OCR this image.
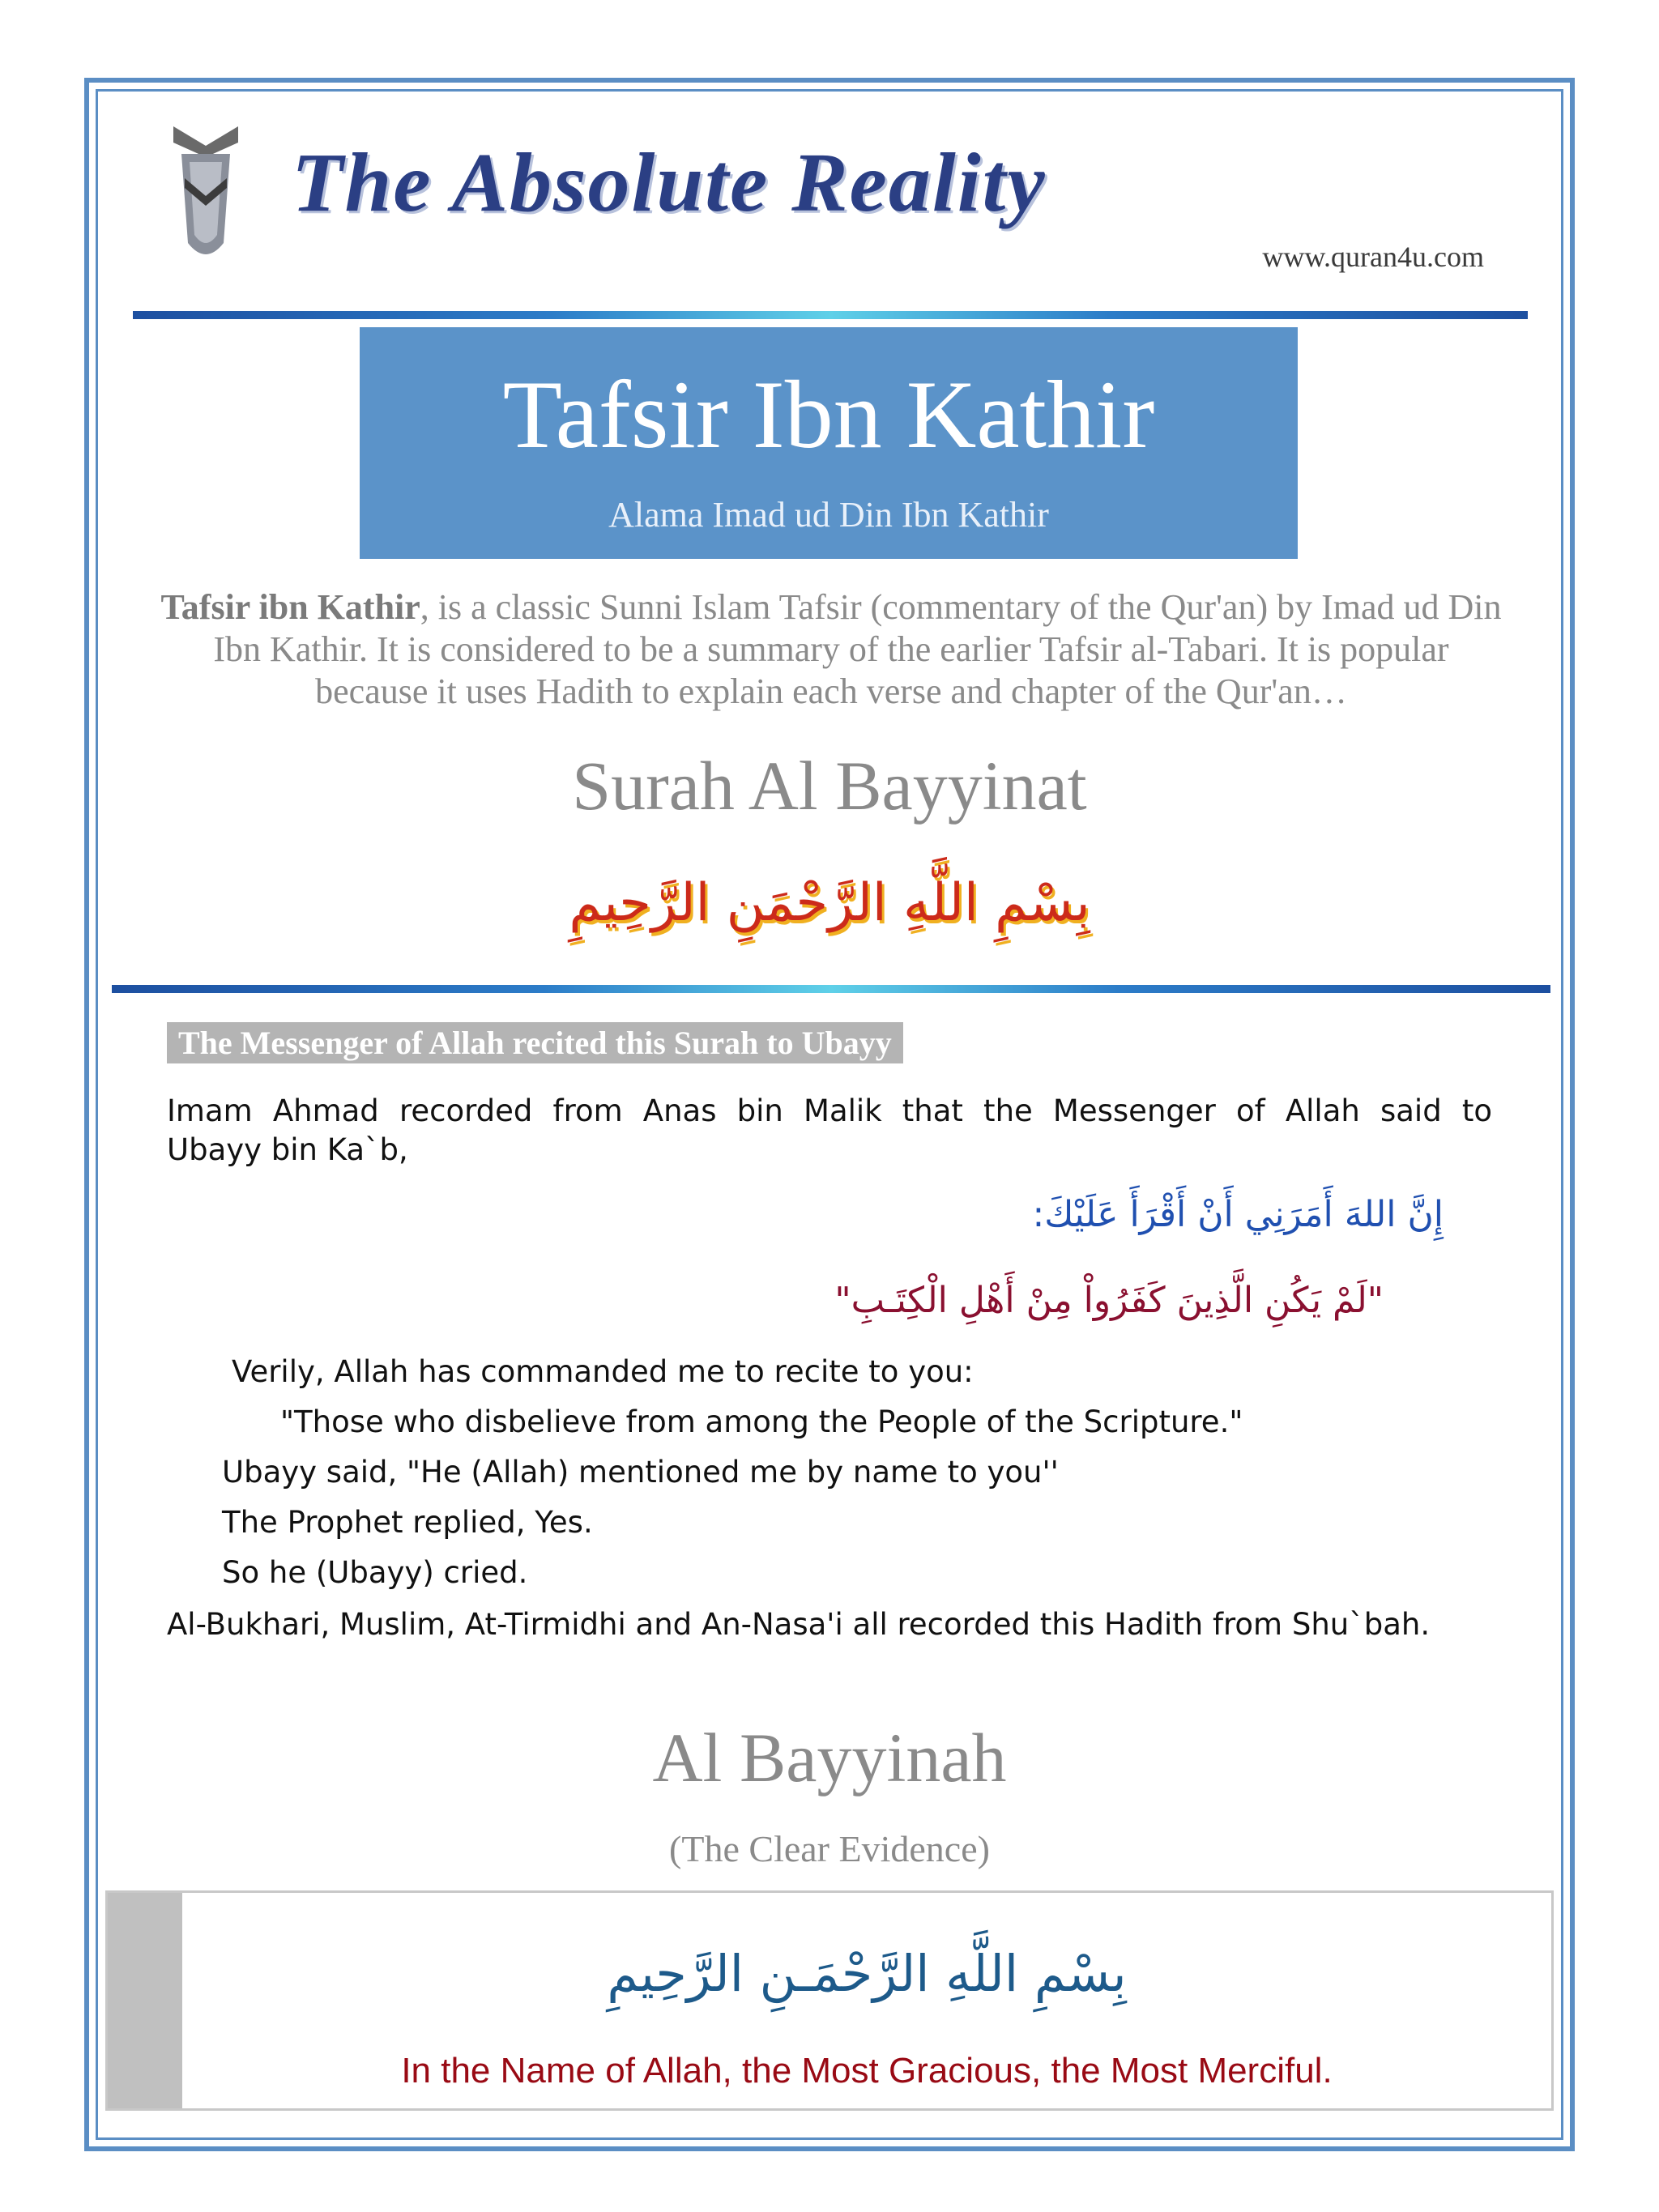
The Absolute Reality
www.quran4u.com
Tafsir Ibn Kathir
Alama Imad ud Din Ibn Kathir
Tafsir ibn Kathir, is a classic Sunni Islam Tafsir (commentary of the Qur'an) by Imad ud Din Ibn Kathir. It is considered to be a summary of the earlier Tafsir al-Tabari. It is popular because it uses Hadith to explain each verse and chapter of the Qur'an…
Surah Al Bayyinat
بِسْمِ اللَّهِ الرَّحْمَنِ الرَّحِيمِ
The Messenger of Allah recited this Surah to Ubayy
Imam Ahmad recorded from Anas bin Malik that the Messenger of Allah said to
Ubayy bin Ka`b,
إِنَّ اللهَ أَمَرَنِي أَنْ أَقْرَأَ عَلَيْكَ:
"لَمْ يَكُنِ الَّذِينَ كَفَرُواْ مِنْ أَهْلِ الْكِتَـبِ"
Verily, Allah has commanded me to recite to you:
"Those who disbelieve from among the People of the Scripture."
Ubayy said, "He (Allah) mentioned me by name to you''
The Prophet replied, Yes.
So he (Ubayy) cried.
Al-Bukhari, Muslim, At-Tirmidhi and An-Nasa'i all recorded this Hadith from Shu`bah.
Al Bayyinah
(The Clear Evidence)
بِسْمِ اللَّهِ الرَّحْمَـنِ الرَّحِيمِ
In the Name of Allah, the Most Gracious, the Most Merciful.
